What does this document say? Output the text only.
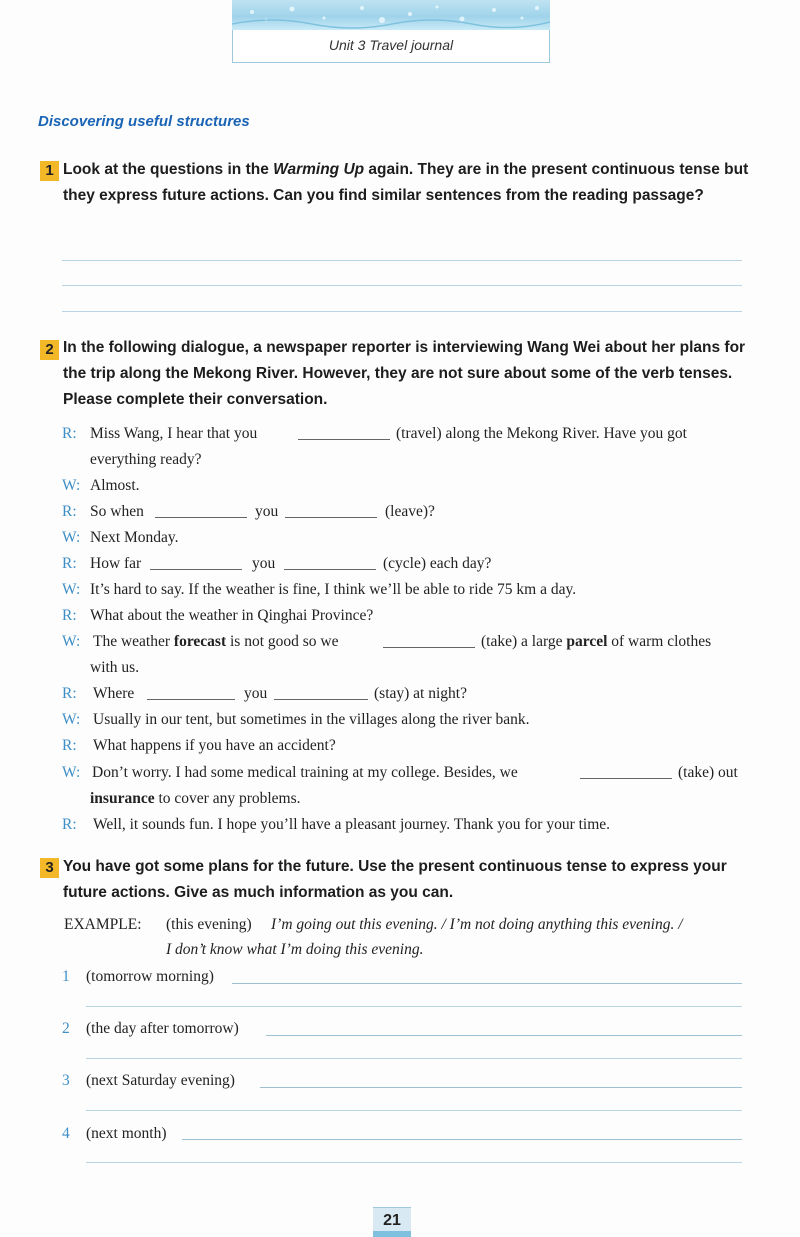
Unit 3 Travel journal
Discovering useful structures
1 Look at the questions in the Warming Up again. They are in the present continuous tense but they express future actions. Can you find similar sentences from the reading passage?
2 In the following dialogue, a newspaper reporter is interviewing Wang Wei about her plans for the trip along the Mekong River. However, they are not sure about some of the verb tenses. Please complete their conversation.
R: Miss Wang, I hear that you	(travel) along the Mekong River. Have you got
everything ready?
W: Almost.
R: So when	you	(leave)?
W: Next Monday.
R: How far	you	(cycle) each day?
W: It’s hard to say. If the weather is fine, I think we’ll be able to ride 75 km a day.
R: What about the weather in Qinghai Province?
W: The weather forecast is not good so we	(take) a large parcel of warm clothes
with us.
R: Where	you	(stay) at night?
W: Usually in our tent, but sometimes in the villages along the river bank.
R: What happens if you have an accident?
W: Don’t worry. I had some medical training at my college. Besides, we	(take) out
insurance to cover any problems.
R: Well, it sounds fun. I hope you’ll have a pleasant journey. Thank you for your time.
3 You have got some plans for the future. Use the present continuous tense to express your future actions. Give as much information as you can.
EXAMPLE: (this evening) I’m going out this evening. / I’m not doing anything this evening. /
I don’t know what I’m doing this evening.
1 (tomorrow morning)
2 (the day after tomorrow)
3 (next Saturday evening)
4 (next month)
21
